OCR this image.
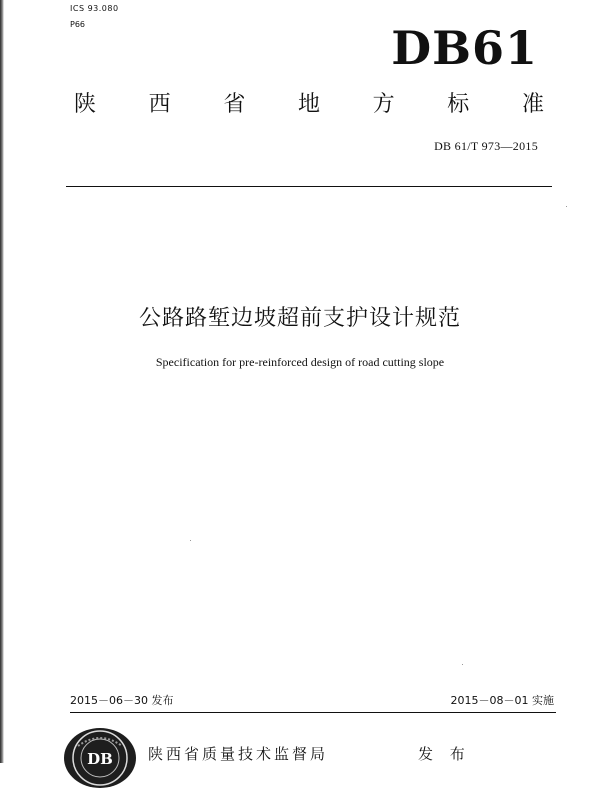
ICS 93.080
P66	DB61
陕 西 省 地 方 标 准
DB 61/T 973—2015
公路路堑边坡超前支护设计规范
Specification for pre-reinforced design of road cutting slope
2015－06－30 发布	2015－08－01 实施
DB 陕西省质量技术监督局	发 布
